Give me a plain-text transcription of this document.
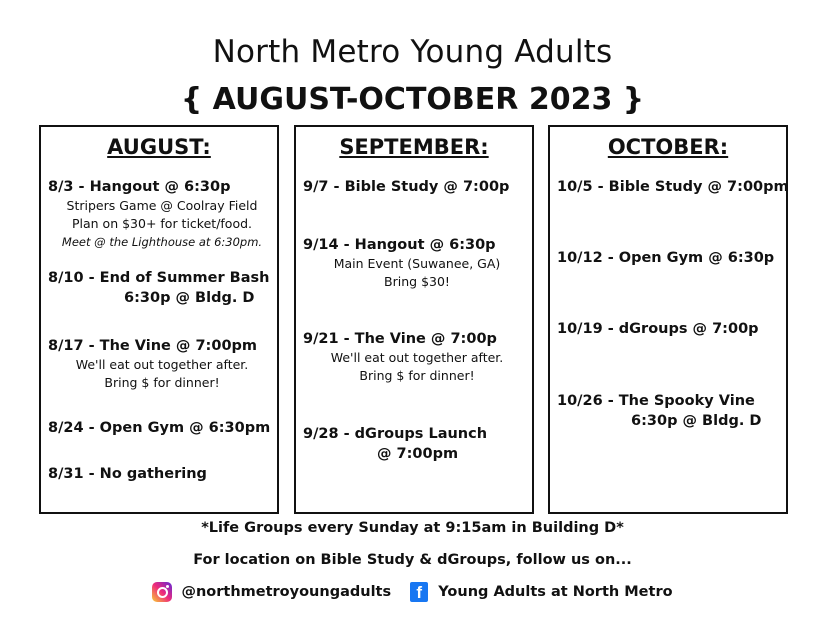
North Metro Young Adults
{ AUGUST-OCTOBER 2023 }
AUGUST:
8/3 - Hangout @ 6:30p
Stripers Game @ Coolray Field
Plan on $30+ for ticket/food.
Meet @ the Lighthouse at 6:30pm.
8/10 - End of Summer Bash
6:30p @ Bldg. D
8/17 - The Vine @ 7:00pm
We'll eat out together after.
Bring $ for dinner!
8/24 - Open Gym @ 6:30pm
8/31 - No gathering
SEPTEMBER:
9/7 - Bible Study @ 7:00p
9/14 - Hangout @ 6:30p
Main Event (Suwanee, GA)
Bring $30!
9/21 - The Vine @ 7:00p
We'll eat out together after.
Bring $ for dinner!
9/28 - dGroups Launch
@ 7:00pm
OCTOBER:
10/5 - Bible Study @ 7:00pm
10/12 - Open Gym @ 6:30p
10/19 - dGroups @ 7:00p
10/26 - The Spooky Vine
6:30p @ Bldg. D
*Life Groups every Sunday at 9:15am in Building D*
For location on Bible Study & dGroups, follow us on...
@northmetroyoungadults f Young Adults at North Metro
